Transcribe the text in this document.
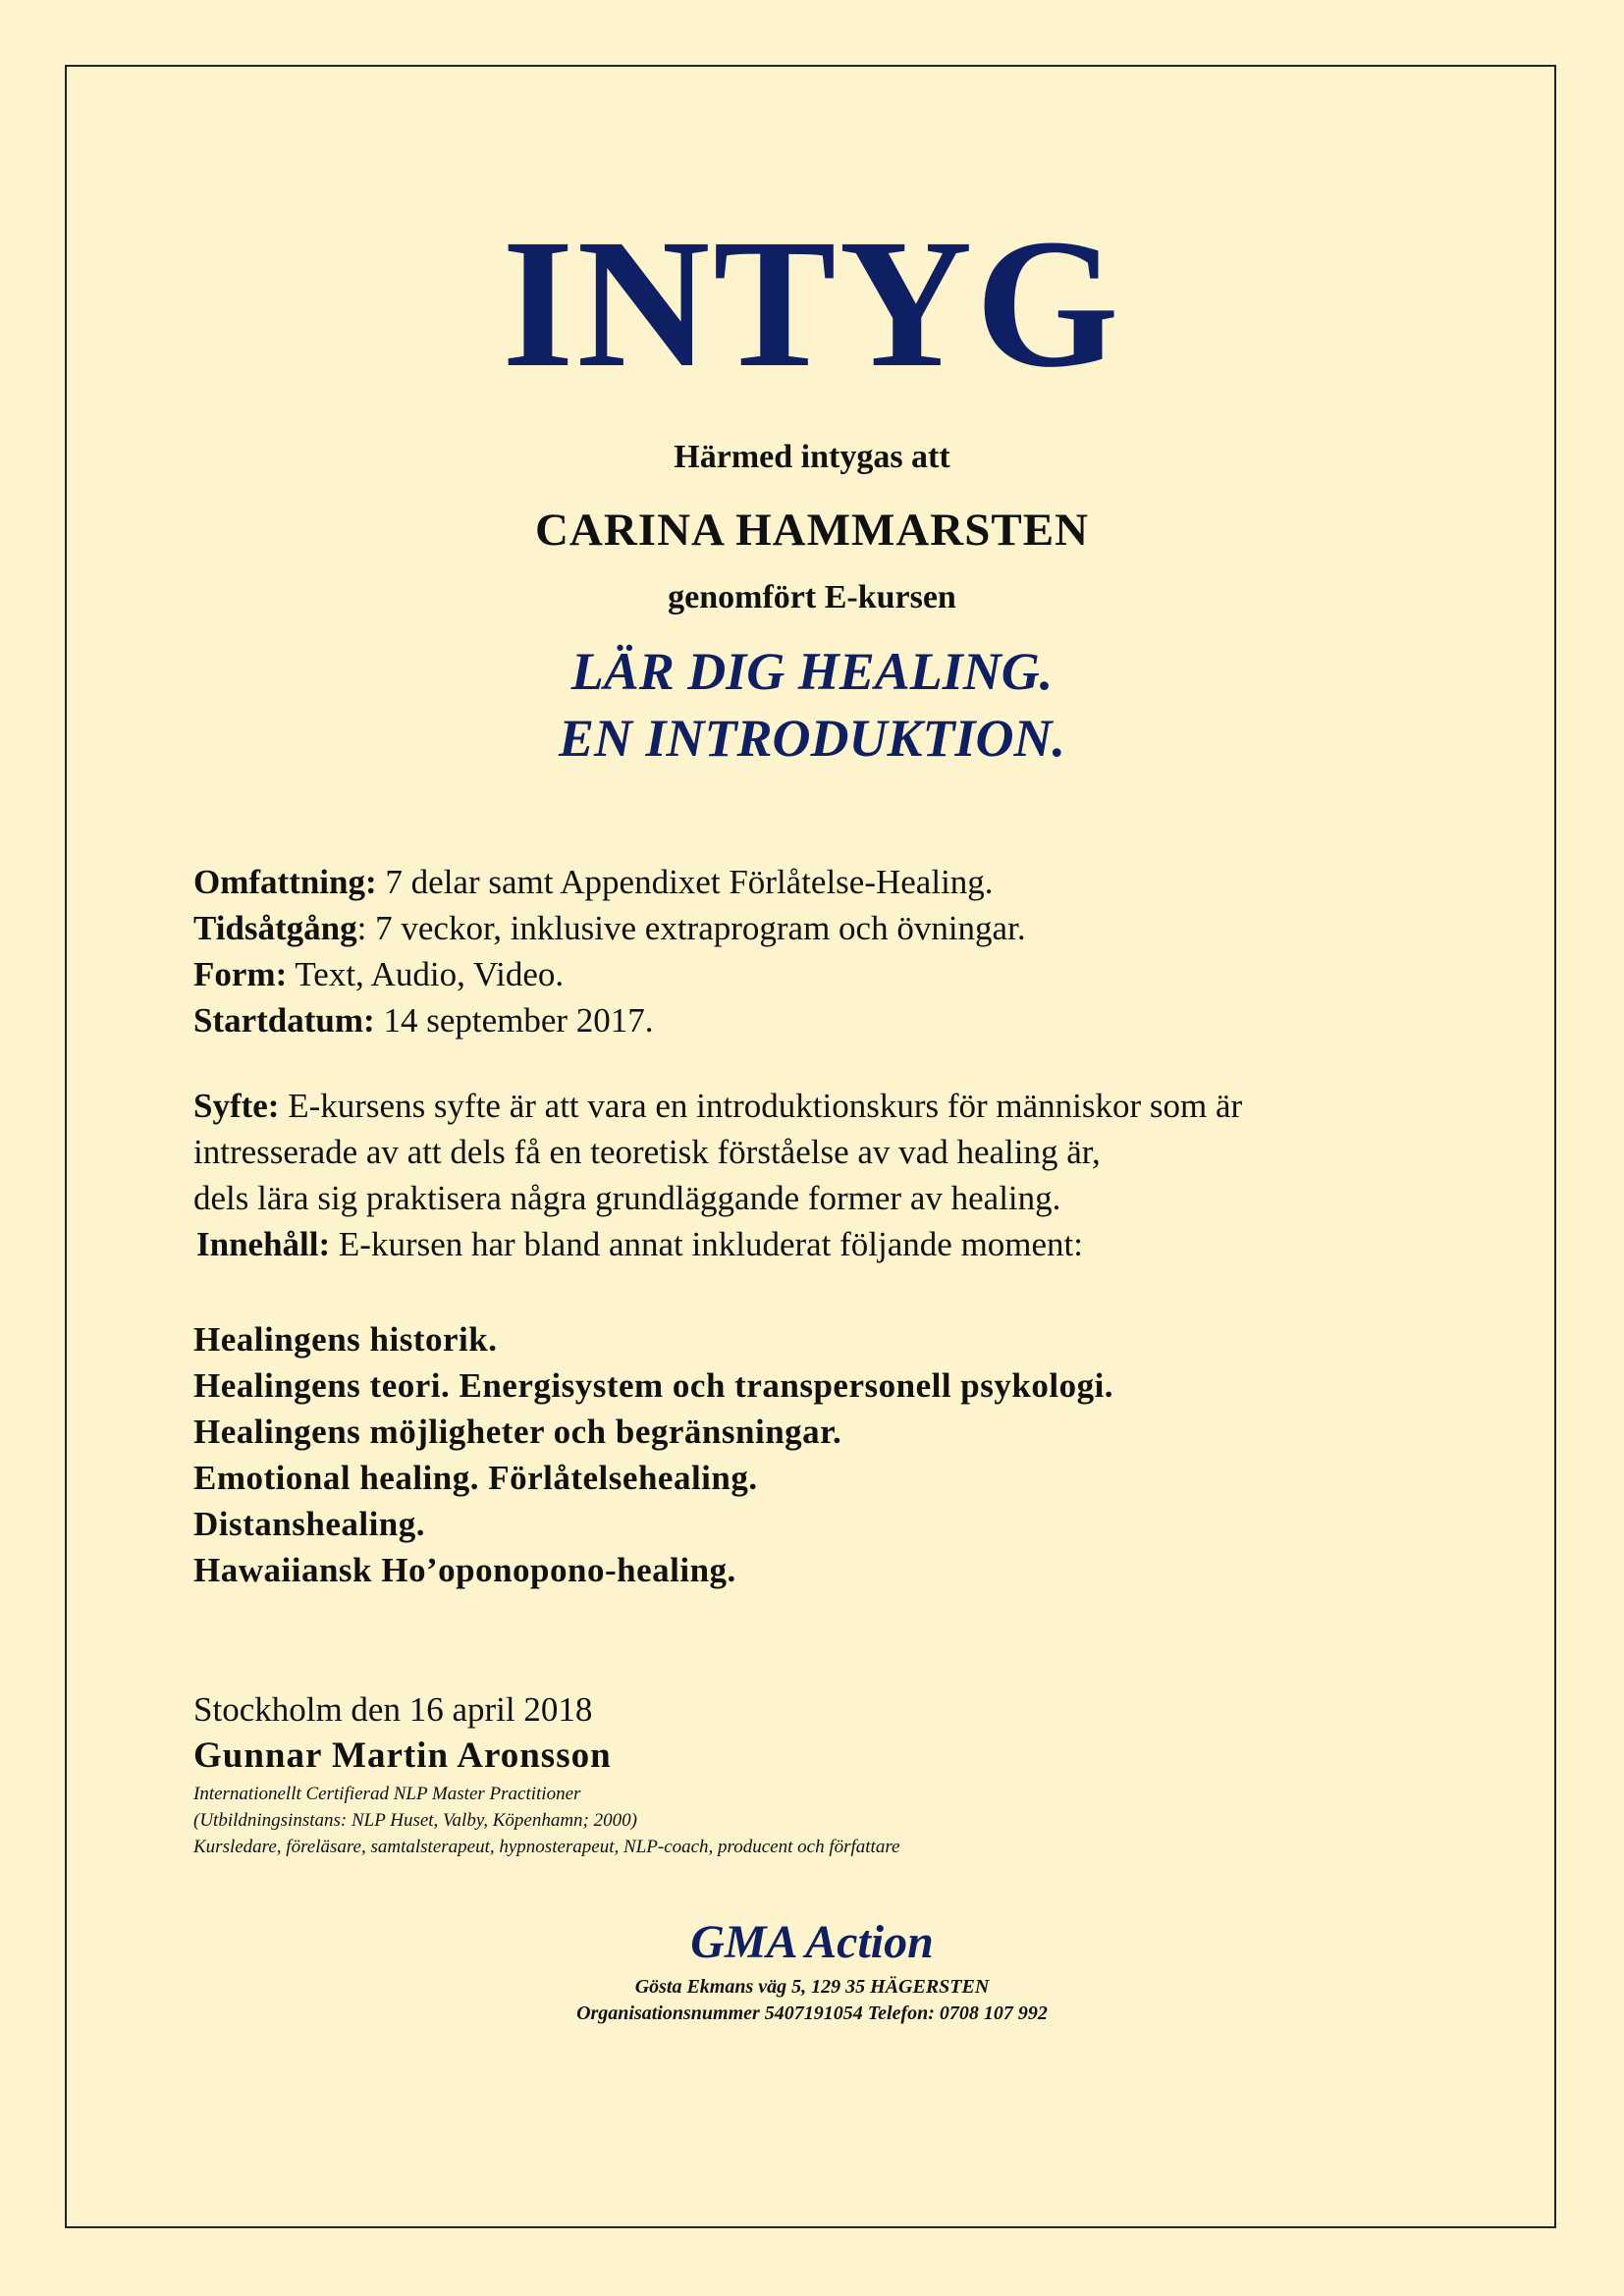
INTYG
Härmed intygas att
CARINA HAMMARSTEN
genomfört E-kursen
LÄR DIG HEALING.
EN INTRODUKTION.
Omfattning: 7 delar samt Appendixet Förlåtelse-Healing.
Tidsåtgång: 7 veckor, inklusive extraprogram och övningar.
Form: Text, Audio, Video.
Startdatum: 14 september 2017.
Syfte: E-kursens syfte är att vara en introduktionskurs för människor som är
intresserade av att dels få en teoretisk förståelse av vad healing är,
dels lära sig praktisera några grundläggande former av healing.
Innehåll: E-kursen har bland annat inkluderat följande moment:
Healingens historik.
Healingens teori. Energisystem och transpersonell psykologi.
Healingens möjligheter och begränsningar.
Emotional healing. Förlåtelsehealing.
Distanshealing.
Hawaiiansk Ho’oponopono-healing.
Stockholm den 16 april 2018
Gunnar Martin Aronsson
Internationellt Certifierad NLP Master Practitioner
(Utbildningsinstans: NLP Huset, Valby, Köpenhamn; 2000)
Kursledare, föreläsare, samtalsterapeut, hypnosterapeut, NLP-coach, producent och författare
GMA Action
Gösta Ekmans väg 5, 129 35 HÄGERSTEN
Organisationsnummer 5407191054 Telefon: 0708 107 992
